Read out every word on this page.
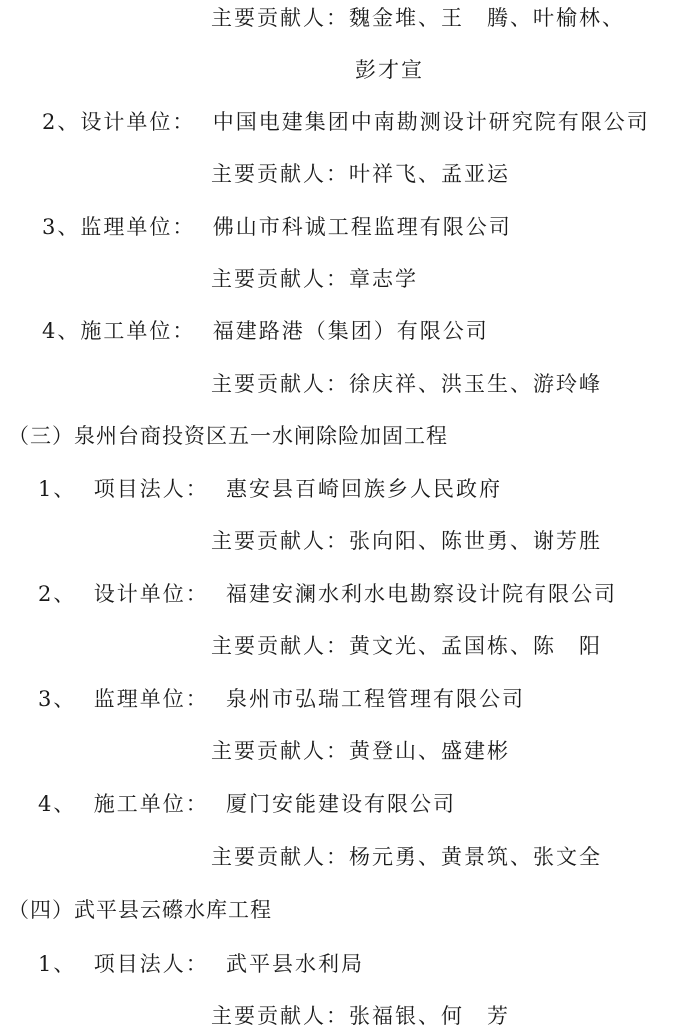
主要贡献人：魏金堆、王　腾、叶榆林、
彭才宣
2、设计单位：  中国电建集团中南勘测设计研究院有限公司
主要贡献人：叶祥飞、孟亚运
3、监理单位：  佛山市科诚工程监理有限公司
主要贡献人：章志学
4、施工单位：  福建路港（集团）有限公司
主要贡献人：徐庆祥、洪玉生、游玲峰
（三）泉州台商投资区五一水闸除险加固工程
1、  项目法人：  惠安县百崎回族乡人民政府
主要贡献人：张向阳、陈世勇、谢芳胜
2、  设计单位：  福建安澜水利水电勘察设计院有限公司
主要贡献人：黄文光、孟国栋、陈　阳
3、  监理单位：  泉州市弘瑞工程管理有限公司
主要贡献人：黄登山、盛建彬
4、  施工单位：  厦门安能建设有限公司
主要贡献人：杨元勇、黄景筑、张文全
（四）武平县云礤水库工程
1、  项目法人：  武平县水利局
主要贡献人：张福银、何　芳
